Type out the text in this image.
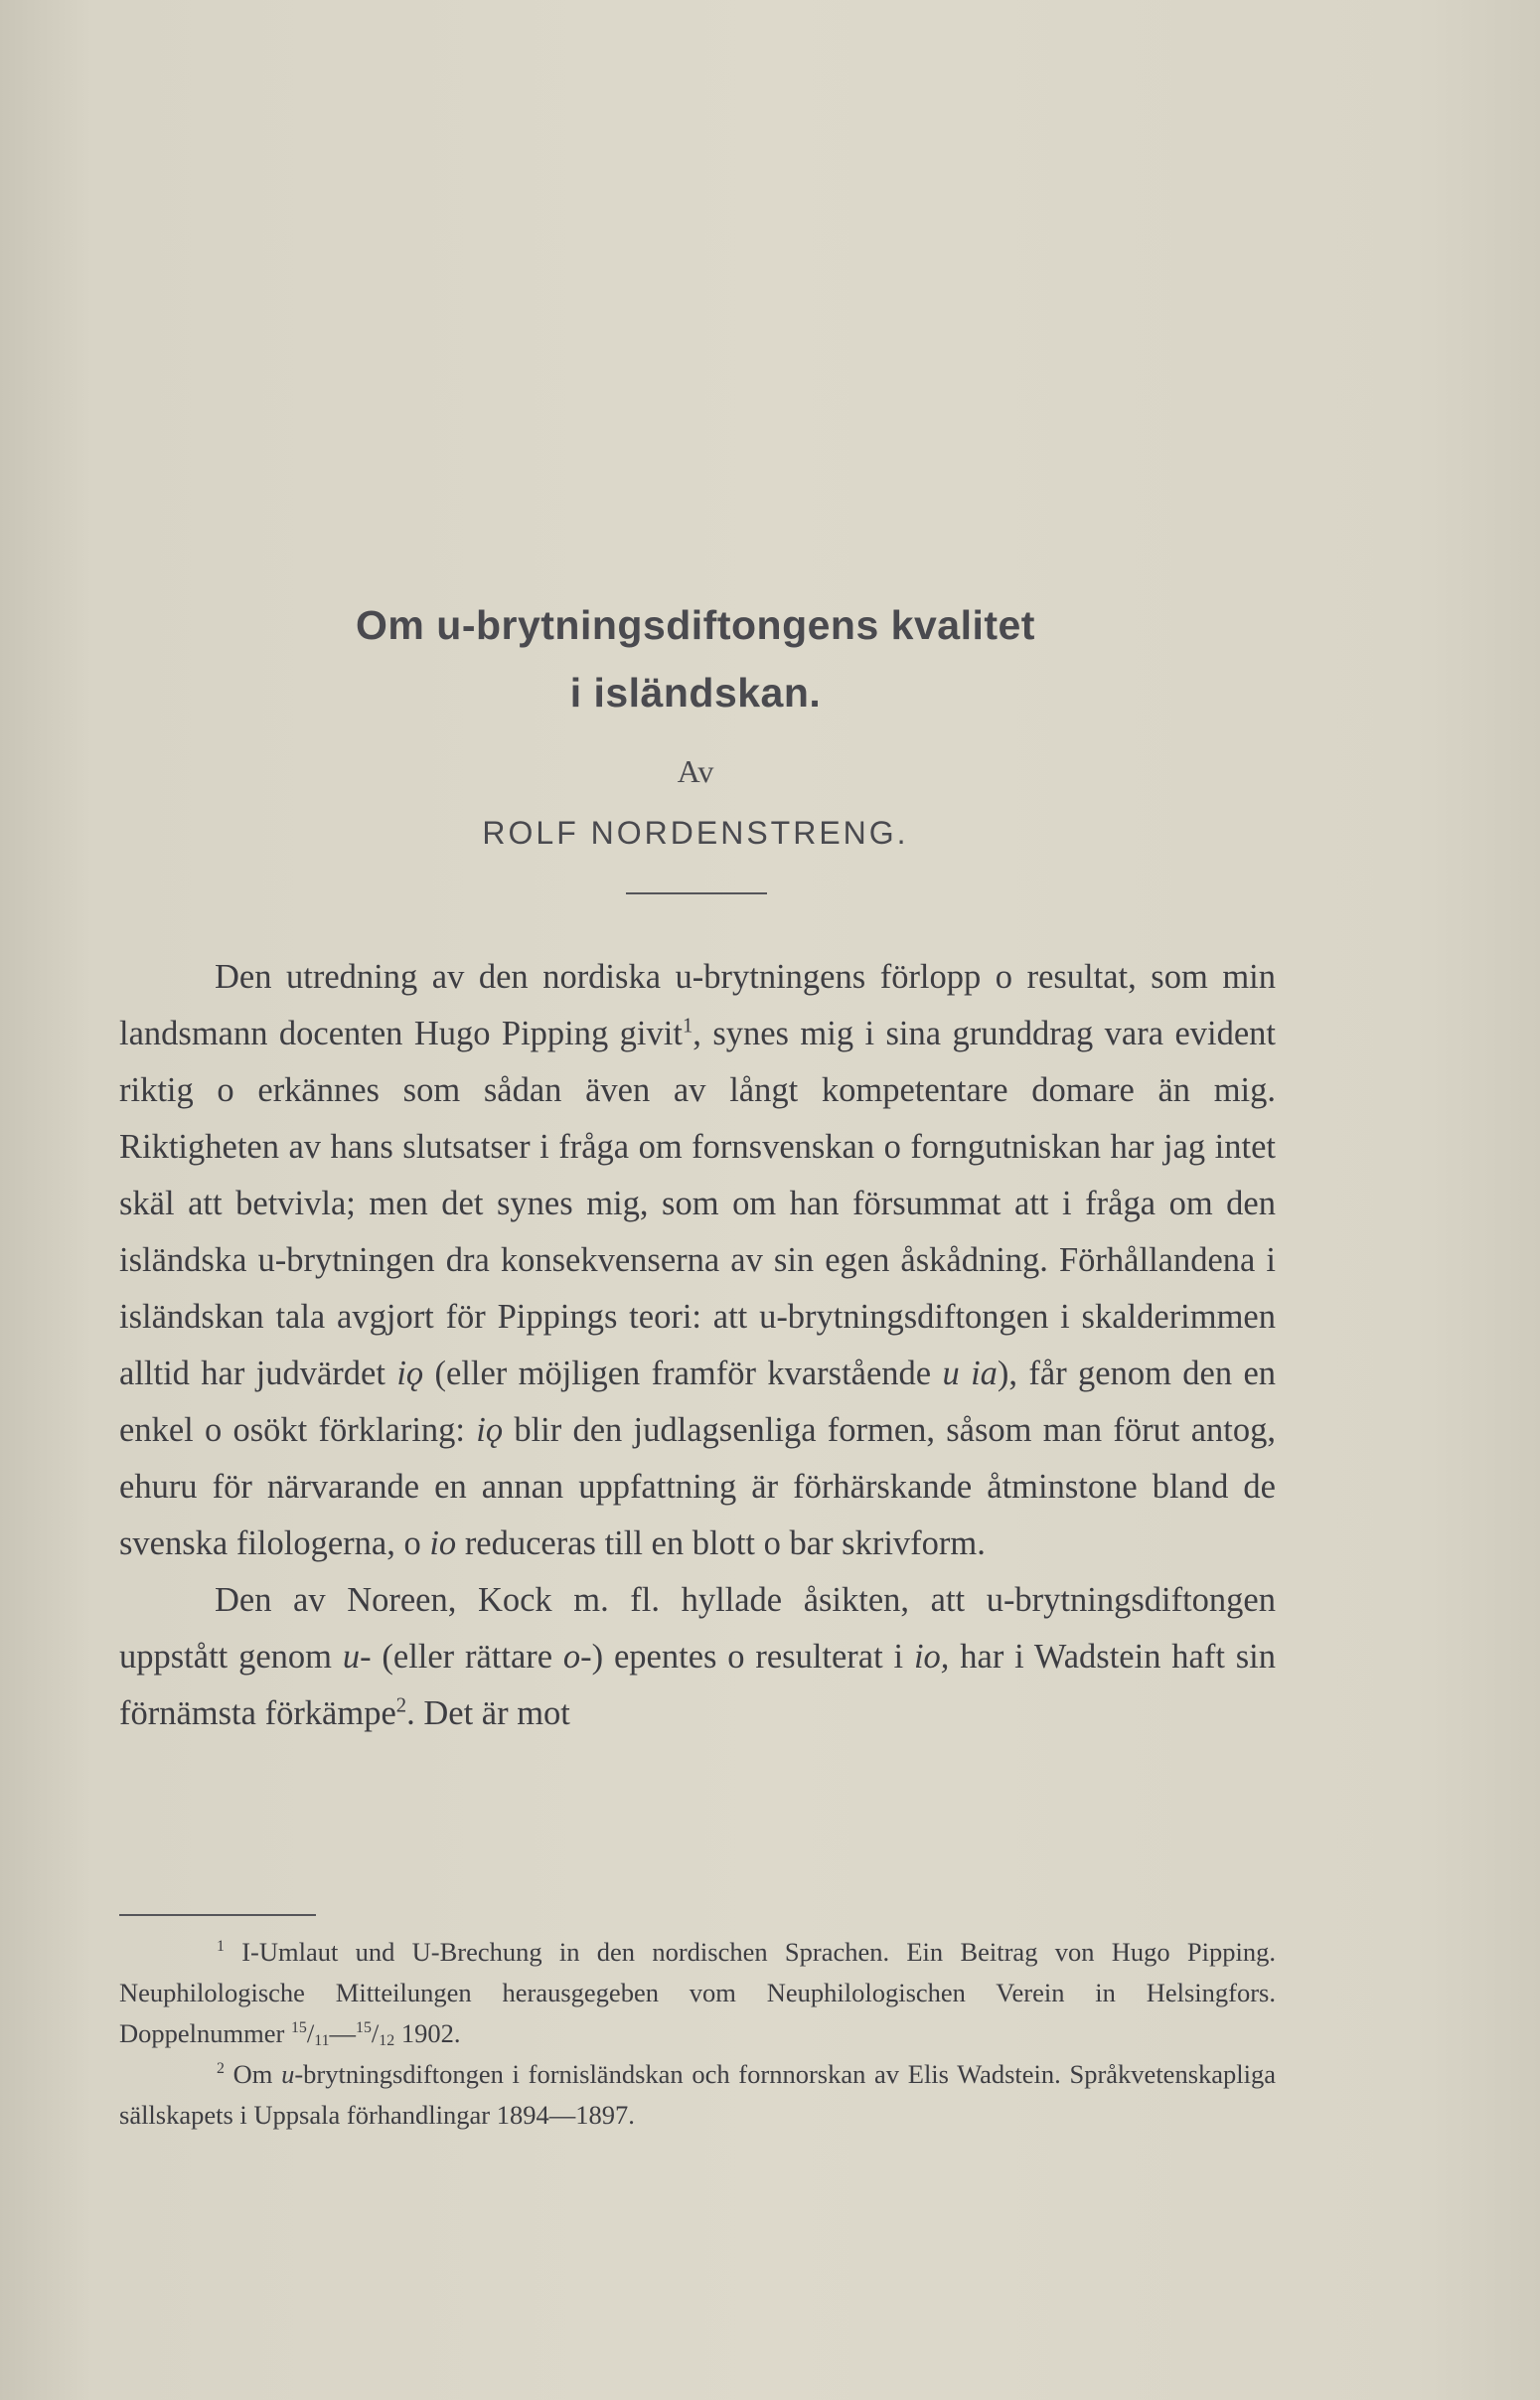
Om u-brytningsdiftongens kvalitet
i isländskan.
Av
ROLF NORDENSTRENG.

Den utredning av den nordiska u-brytningens förlopp o resultat, som min landsmann docenten Hugo Pipping givit$^1$, synes mig i sina grunddrag vara evident riktig o erkännes som sådan även av långt kompetentare domare än mig. Riktigheten av hans slutsatser i fråga om fornsvenskan o forngutniskan har jag intet skäl att betvivla; men det synes mig, som om han försummat att i fråga om den isländska u-brytningen dra konsekvenserna av sin egen åskådning. Förhållandena i isländskan tala avgjort för Pippings teori: att u-brytningsdiftongen i skalderimmen alltid har judvärdet iǫ (eller möjligen framför kvarstående u ia), får genom den en enkel o osökt förklaring: iǫ blir den judlagsenliga formen, såsom man förut antog, ehuru för närvarande en annan uppfattning är förhärskande åtminstone bland de svenska filologerna, o io reduceras till en blott o bar skrivform.

Den av Noreen, Kock m. fl. hyllade åsikten, att u-brytningsdiftongen uppstått genom u- (eller rättare o-) epentes o resulterat i io, har i Wadstein haft sin förnämsta förkämpe$^2$. Det är mot

$^1$ I-Umlaut und U-Brechung in den nordischen Sprachen. Ein Beitrag von Hugo Pipping. Neuphilologische Mitteilungen herausgegeben vom Neuphilologischen Verein in Helsingfors. Doppelnummer $^{15}/_{11}—^{15}/_{12}$ 1902.

$^2$ Om u-brytningsdiftongen i fornisländskan och fornnorskan av Elis Wadstein. Språkvetenskapliga sällskapets i Uppsala förhandlingar 1894—1897.
